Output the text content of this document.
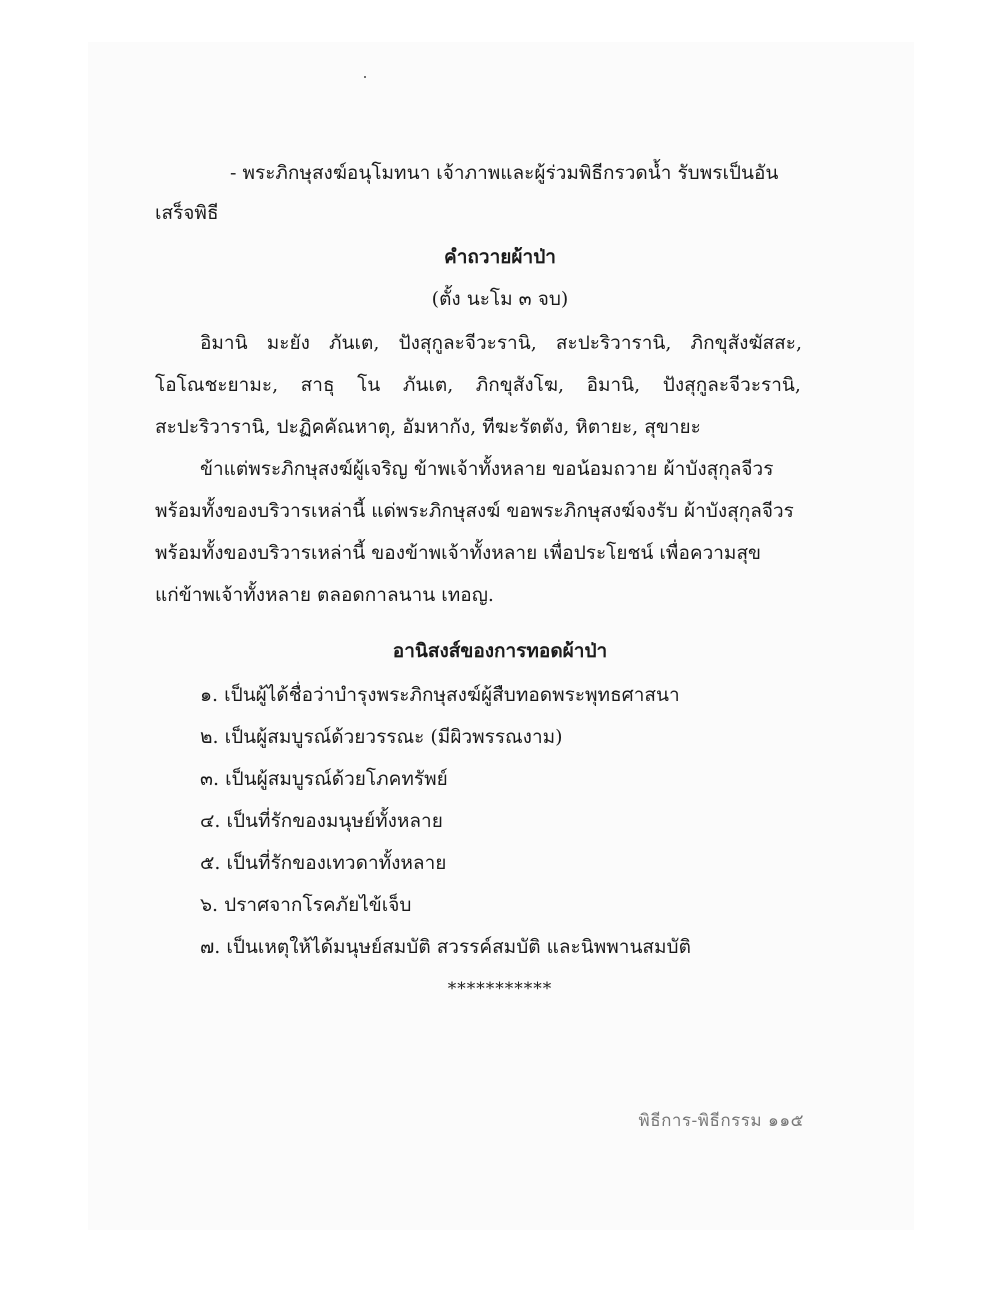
- พระภิกษุสงฆ์อนุโมทนา เจ้าภาพและผู้ร่วมพิธีกรวดน้ำ รับพรเป็นอัน
เสร็จพิธี
คำถวายผ้าป่า
(ตั้ง นะโม ๓ จบ)
อิมานิ มะยัง ภันเต, ปังสุกูละจีวะรานิ, สะปะริวารานิ, ภิกขุสังฆัสสะ,
โอโณชะยามะ, สาธุ โน ภันเต, ภิกขุสังโฆ, อิมานิ, ปังสุกูละจีวะรานิ,
สะปะริวารานิ, ปะฏิคคัณหาตุ, อัมหากัง, ทีฆะรัตตัง, หิตายะ, สุขายะ
ข้าแต่พระภิกษุสงฆ์ผู้เจริญ ข้าพเจ้าทั้งหลาย ขอน้อมถวาย ผ้าบังสุกุลจีวร
พร้อมทั้งของบริวารเหล่านี้ แด่พระภิกษุสงฆ์ ขอพระภิกษุสงฆ์จงรับ ผ้าบังสุกุลจีวร
พร้อมทั้งของบริวารเหล่านี้ ของข้าพเจ้าทั้งหลาย เพื่อประโยชน์ เพื่อความสุข
แก่ข้าพเจ้าทั้งหลาย ตลอดกาลนาน เทอญ.
อานิสงส์ของการทอดผ้าป่า
๑. เป็นผู้ได้ชื่อว่าบำรุงพระภิกษุสงฆ์ผู้สืบทอดพระพุทธศาสนา
๒. เป็นผู้สมบูรณ์ด้วยวรรณะ (มีผิวพรรณงาม)
๓. เป็นผู้สมบูรณ์ด้วยโภคทรัพย์
๔. เป็นที่รักของมนุษย์ทั้งหลาย
๕. เป็นที่รักของเทวดาทั้งหลาย
๖. ปราศจากโรคภัยไข้เจ็บ
๗. เป็นเหตุให้ได้มนุษย์สมบัติ สวรรค์สมบัติ และนิพพานสมบัติ
***********
พิธีการ-พิธีกรรม ๑๑๕
